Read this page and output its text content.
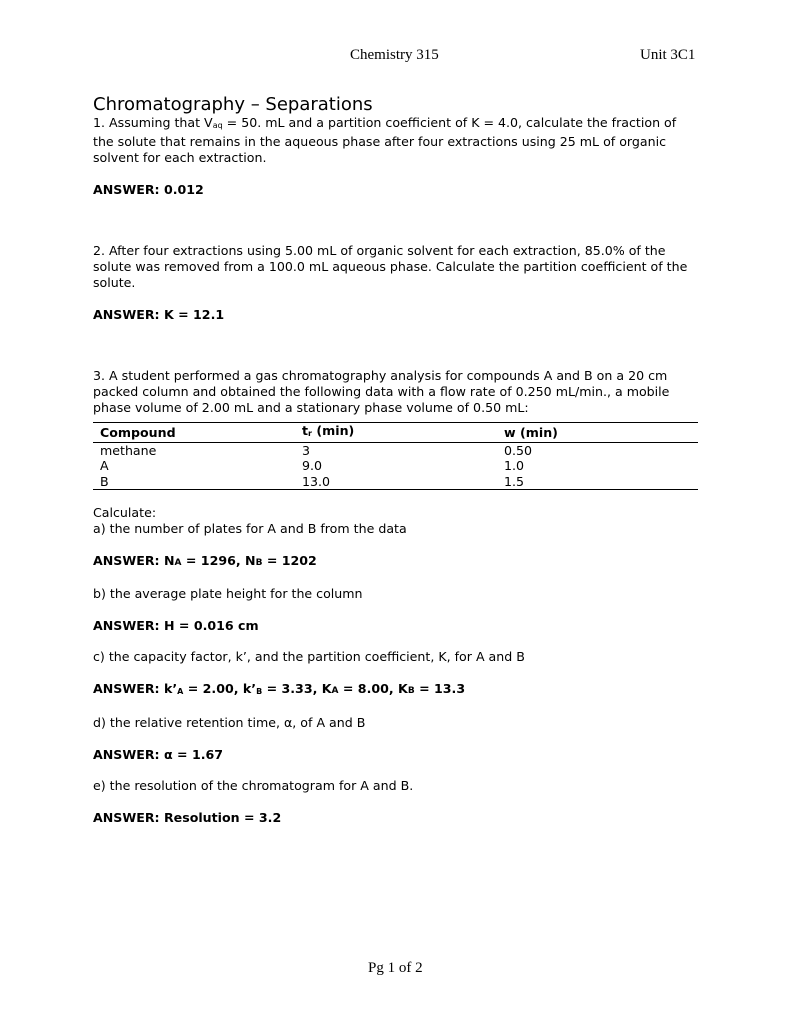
Chemistry 315	Unit 3C1
Chromatography – Separations

1. Assuming that $V_{aq} = 50$. mL and a partition coefficient of K = 4.0, calculate the fraction of the solute that remains in the aqueous phase after four extractions using 25 mL of organic solvent for each extraction.

ANSWER: 0.012

2. After four extractions using 5.00 mL of organic solvent for each extraction, 85.0% of the solute was removed from a 100.0 mL aqueous phase. Calculate the partition coefficient of the solute.

ANSWER: K = 12.1

3. A student performed a gas chromatography analysis for compounds A and B on a 20 cm packed column and obtained the following data with a flow rate of 0.250 mL/min., a mobile phase volume of 2.00 mL and a stationary phase volume of 0.50 mL:

Compound	$t_r$ (min)	w (min)
methane	3	0.50
A	9.0	1.0
B	13.0	1.5

Calculate:

a) the number of plates for A and B from the data

ANSWER: NA = 1296, NB = 1202

b) the average plate height for the column

ANSWER: H = 0.016 cm

c) the capacity factor, k’, and the partition coefficient, K, for A and B

ANSWER: $k’_A = 2.00$, $k’_B = 3.33$, KA = 8.00, KB = 13.3

d) the relative retention time, α, of A and B

ANSWER: α = 1.67

e) the resolution of the chromatogram for A and B.

ANSWER: Resolution = 3.2

Pg 1 of 2
